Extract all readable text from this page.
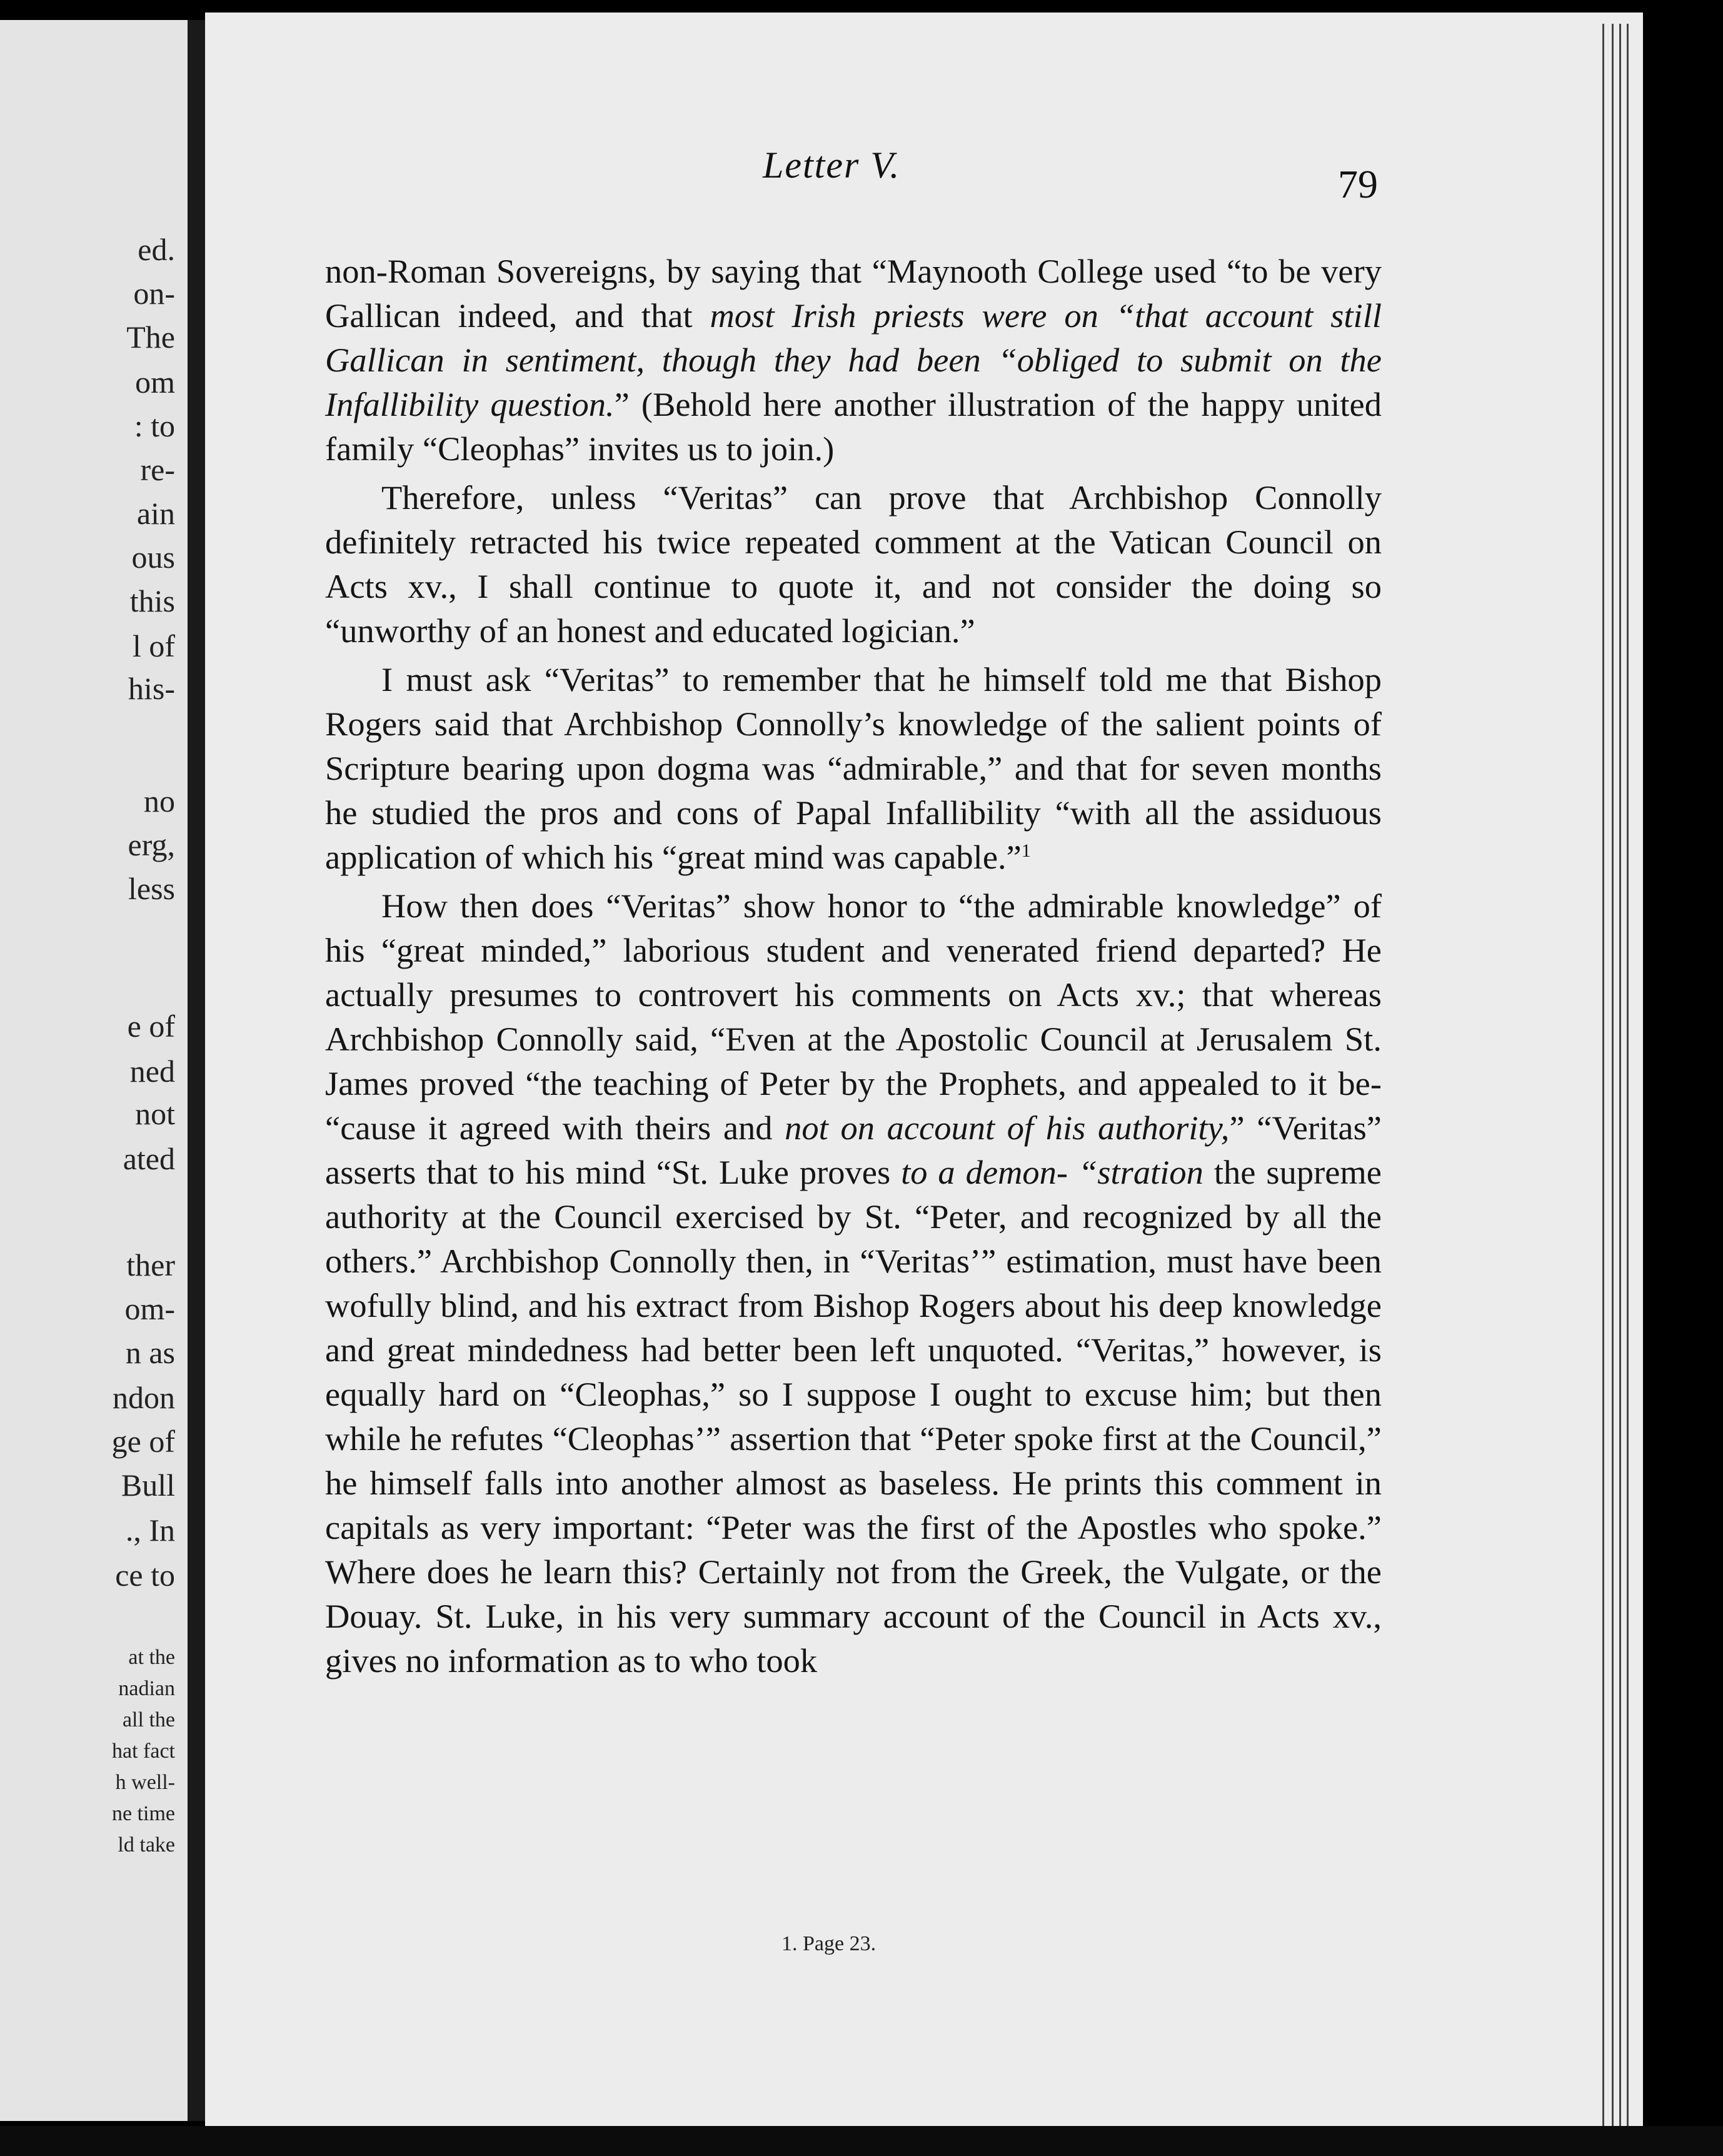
ed.
on-
The
om
: to
re-
ain
ous
this
l of
his-
no
erg,
less
e of
ned
not
ated
ther
om-
n as
ndon
ge of
Bull
., In
ce to
at the
nadian
all the
hat fact
h well-
ne time
ld take
Letter V.	79

non-Roman Sovereigns, by saying that “Maynooth College used “to be very Gallican indeed, and that most Irish priests were on “that account still Gallican in sentiment, though they had been “obliged to submit on the Infallibility question.” (Behold here another illustration of the happy united family “Cleophas” invites us to join.)

Therefore, unless “Veritas” can prove that Archbishop Connolly definitely retracted his twice repeated comment at the Vatican Council on Acts xv., I shall continue to quote it, and not consider the doing so “unworthy of an honest and educated logician.”

I must ask “Veritas” to remember that he himself told me that Bishop Rogers said that Archbishop Connolly’s knowledge of the salient points of Scripture bearing upon dogma was “admirable,” and that for seven months he studied the pros and cons of Papal Infallibility “with all the assiduous application of which his “great mind was capable.”$^1$

How then does “Veritas” show honor to “the admirable knowledge” of his “great minded,” laborious student and venerated friend departed? He actually presumes to controvert his comments on Acts xv.; that whereas Archbishop Connolly said, “Even at the Apostolic Council at Jerusalem St. James proved “the teaching of Peter by the Prophets, and appealed to it be- “cause it agreed with theirs and not on account of his authority,” “Veritas” asserts that to his mind “St. Luke proves to a demon- “stration the supreme authority at the Council exercised by St. “Peter, and recognized by all the others.” Archbishop Connolly then, in “Veritas’” estimation, must have been wofully blind, and his extract from Bishop Rogers about his deep knowledge and great mindedness had better been left unquoted. “Veritas,” however, is equally hard on “Cleophas,” so I suppose I ought to excuse him; but then while he refutes “Cleophas’” assertion that “Peter spoke first at the Council,” he himself falls into another almost as baseless. He prints this comment in capitals as very important: “Peter was the first of the Apostles who spoke.” Where does he learn this? Certainly not from the Greek, the Vulgate, or the Douay. St. Luke, in his very summary account of the Council in Acts xv., gives no information as to who took

1. Page 23.
